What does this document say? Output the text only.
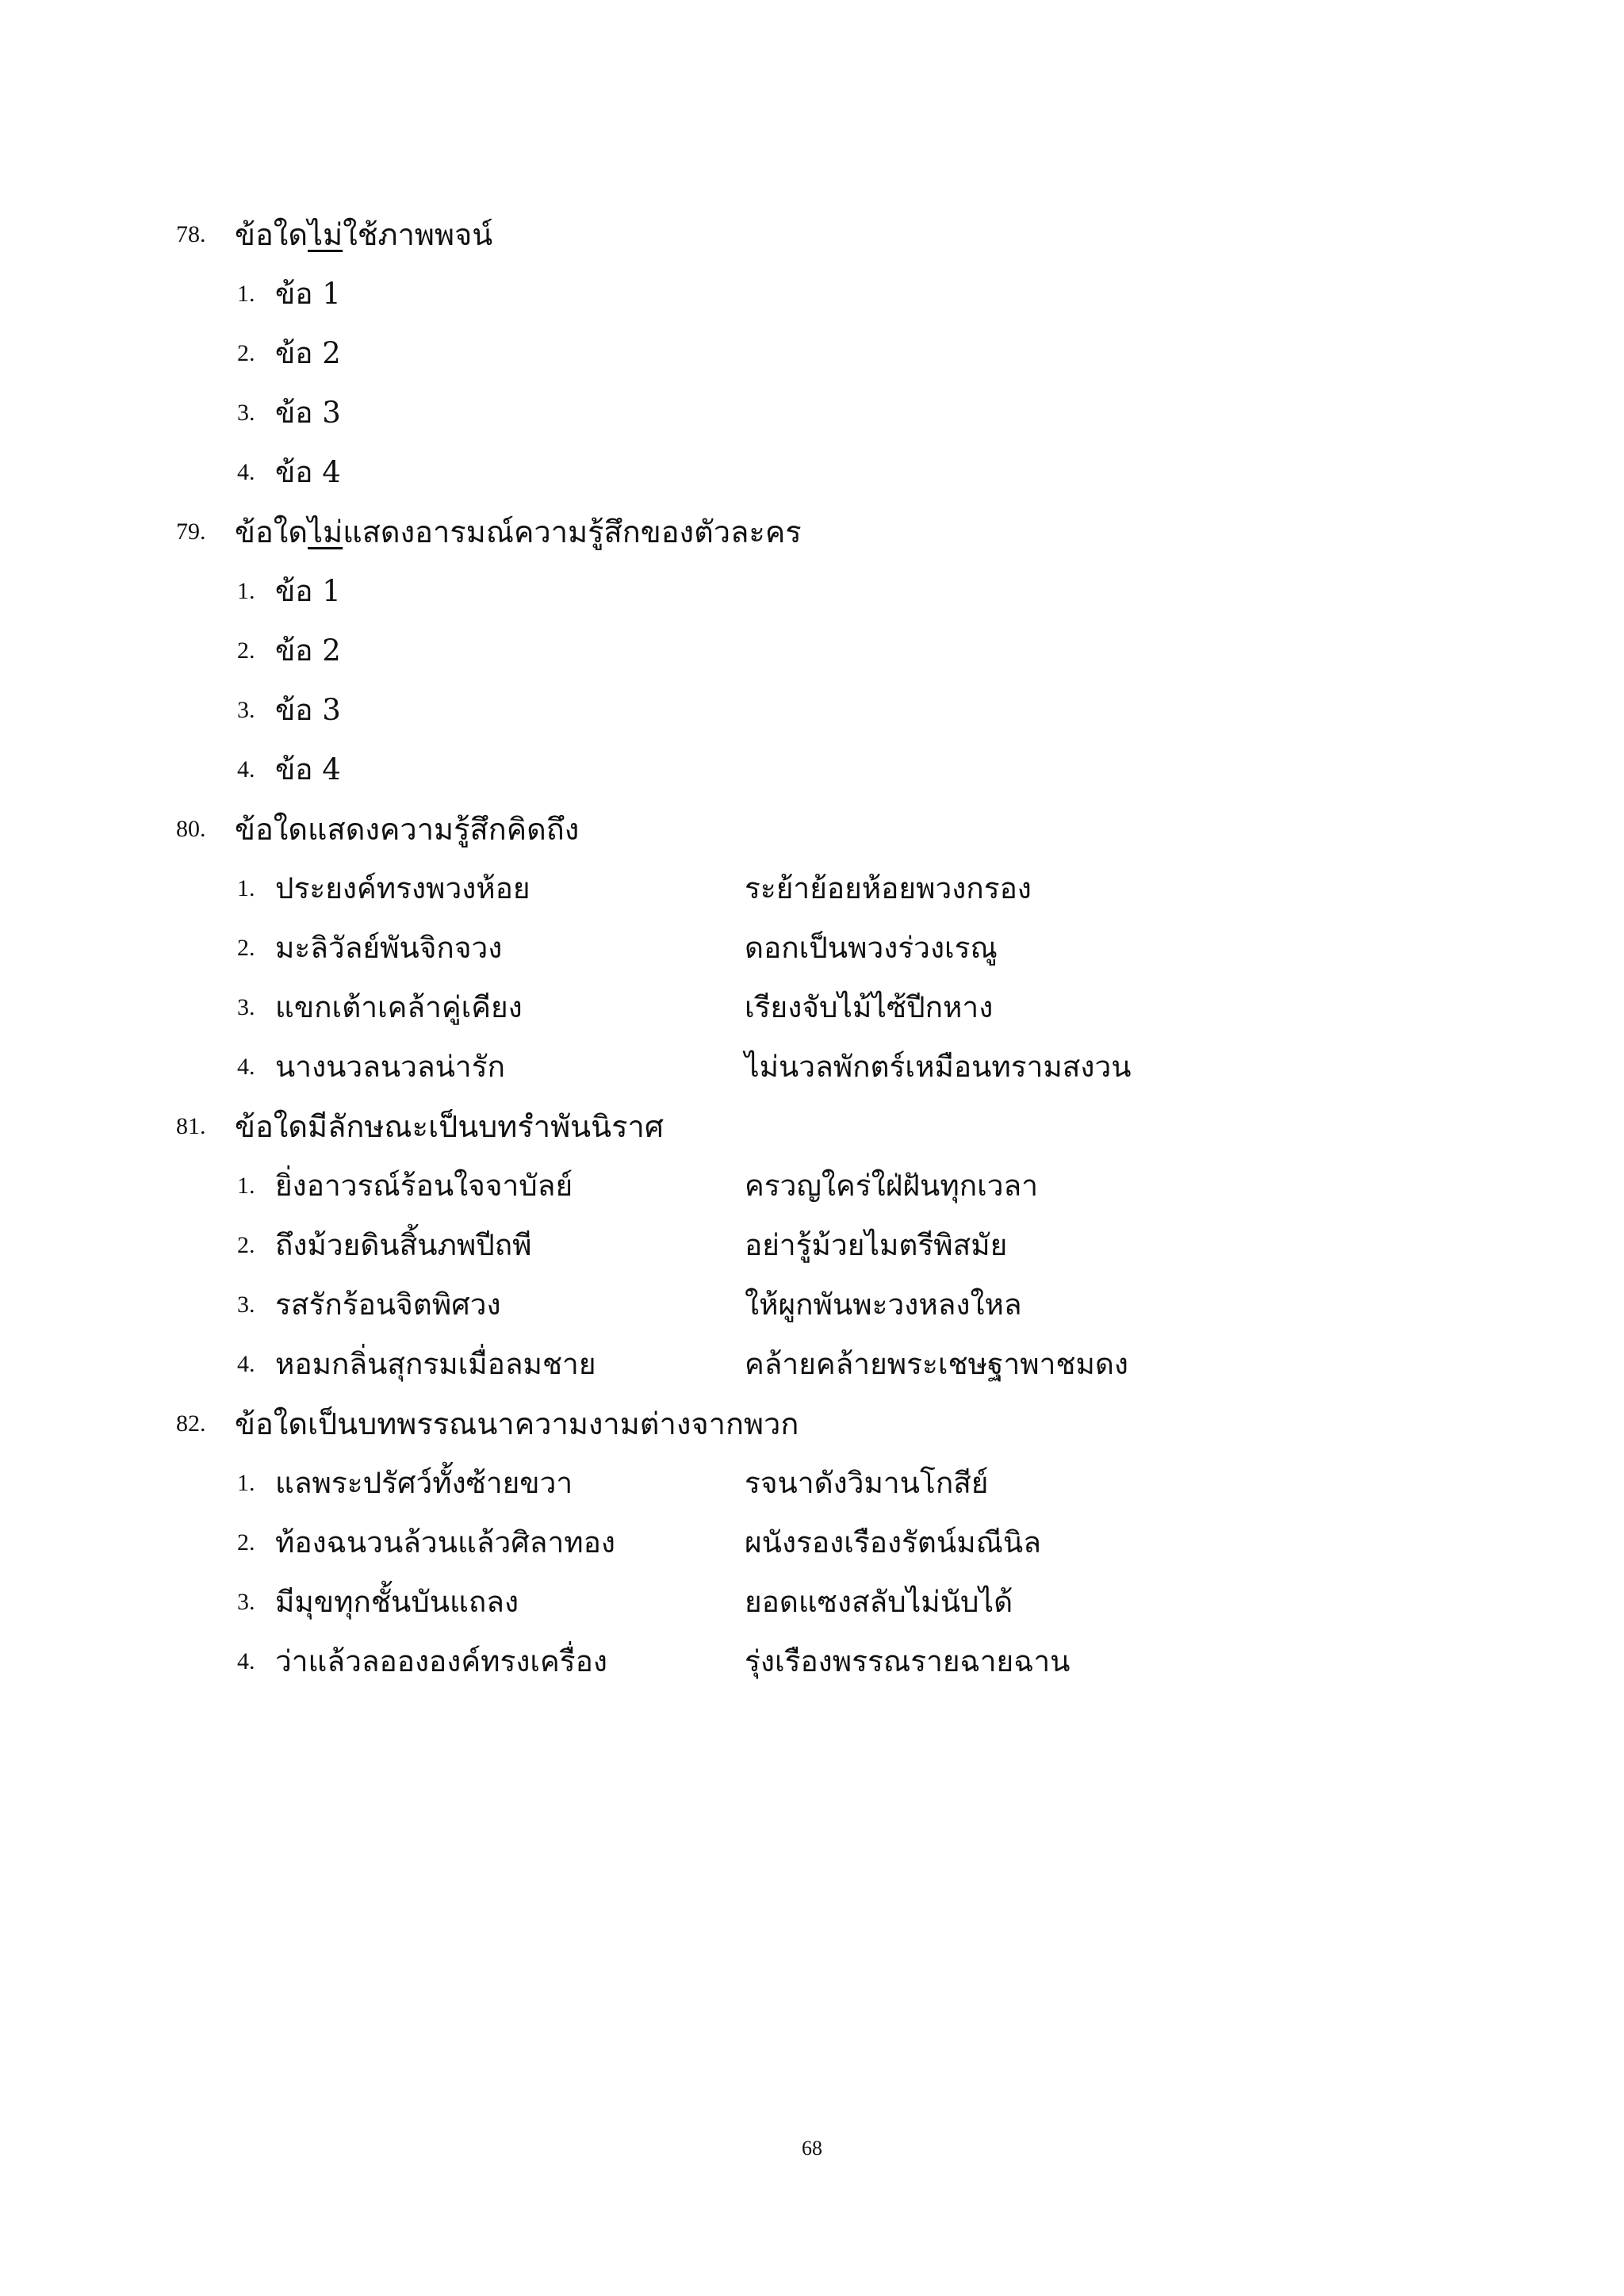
78. ข้อใดไม่ใช้ภาพพจน์
1. ข้อ 1
2. ข้อ 2
3. ข้อ 3
4. ข้อ 4
79. ข้อใดไม่แสดงอารมณ์ความรู้สึกของตัวละคร
1. ข้อ 1
2. ข้อ 2
3. ข้อ 3
4. ข้อ 4
80. ข้อใดแสดงความรู้สึกคิดถึง
1. ประยงค์ทรงพวงห้อย	ระย้าย้อยห้อยพวงกรอง
2. มะลิวัลย์พันจิกจวง	ดอกเป็นพวงร่วงเรณู
3. แขกเต้าเคล้าคู่เคียง	เรียงจับไม้ไซ้ปีกหาง
4. นางนวลนวลน่ารัก	ไม่นวลพักตร์เหมือนทรามสงวน
81. ข้อใดมีลักษณะเป็นบทรำพันนิราศ
1. ยิ่งอาวรณ์ร้อนใจจาบัลย์	ครวญใคร่ใฝ่ฝันทุกเวลา
2. ถึงม้วยดินสิ้นภพปีถพี	อย่ารู้ม้วยไมตรีพิสมัย
3. รสรักร้อนจิตพิศวง	ให้ผูกพันพะวงหลงใหล
4. หอมกลิ่นสุกรมเมื่อลมชาย	คล้ายคล้ายพระเชษฐาพาชมดง
82. ข้อใดเป็นบทพรรณนาความงามต่างจากพวก
1. แลพระปรัศว์ทั้งซ้ายขวา	รจนาดังวิมานโกสีย์
2. ท้องฉนวนล้วนแล้วศิลาทอง	ผนังรองเรืองรัตน์มณีนิล
3. มีมุขทุกชั้นบันแถลง	ยอดแซงสลับไม่นับได้
4. ว่าแล้วลอององค์ทรงเครื่อง	รุ่งเรืองพรรณรายฉายฉาน
68
